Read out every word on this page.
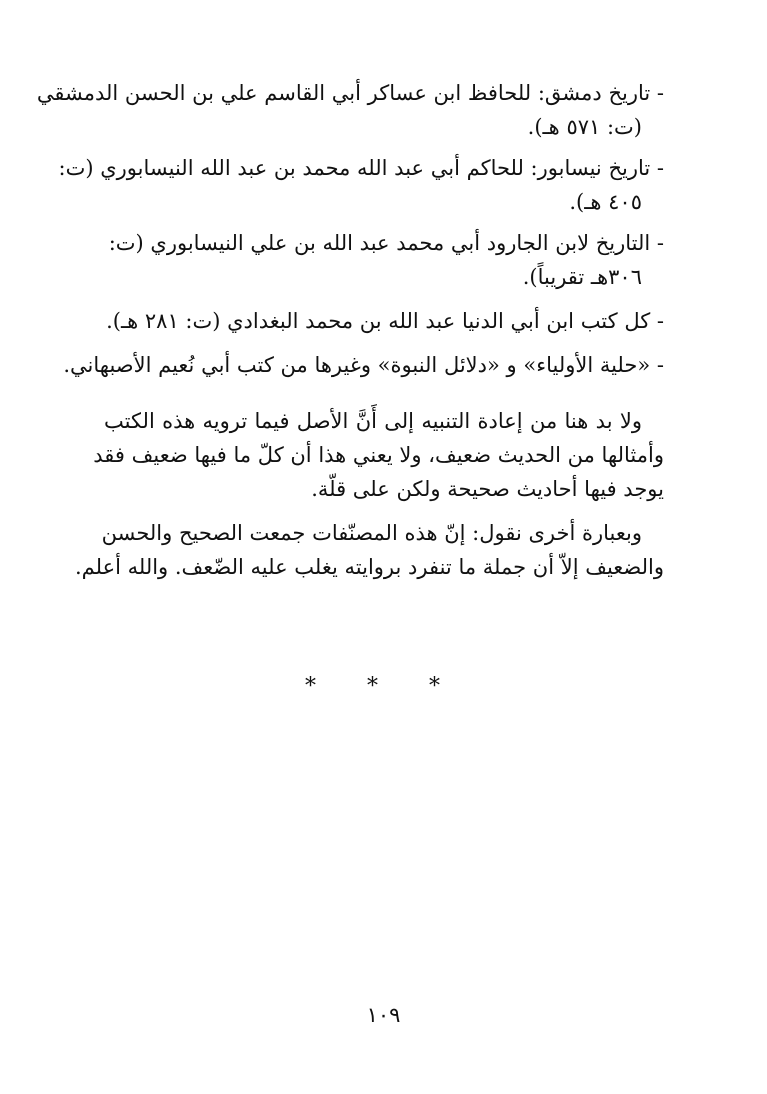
- تاريخ دمشق: للحافظ ابن عساكر أبي القاسم علي بن الحسن الدمشقي
(ت: ٥٧١ هـ).
- تاريخ نيسابور: للحاكم أبي عبد الله محمد بن عبد الله النيسابوري (ت:
٤٠٥ هـ).
- التاريخ لابن الجارود أبي محمد عبد الله بن علي النيسابوري (ت:
٣٠٦هـ تقريباً).
- كل كتب ابن أبي الدنيا عبد الله بن محمد البغدادي (ت: ٢٨١ هـ).
- «حلية الأولياء» و «دلائل النبوة» وغيرها من كتب أبي نُعيم الأصبهاني.
ولا بد هنا من إعادة التنبيه إلى أَنَّ الأصل فيما ترويه هذه الكتب
وأمثالها من الحديث ضعيف، ولا يعني هذا أن كلّ ما فيها ضعيف فقد
يوجد فيها أحاديث صحيحة ولكن على قلّة.
وبعبارة أخرى نقول: إنّ هذه المصنّفات جمعت الصحيح والحسن
والضعيف إلاّ أن جملة ما تنفرد بروايته يغلب عليه الضّعف. والله أعلم.
* * *
١٠٩
